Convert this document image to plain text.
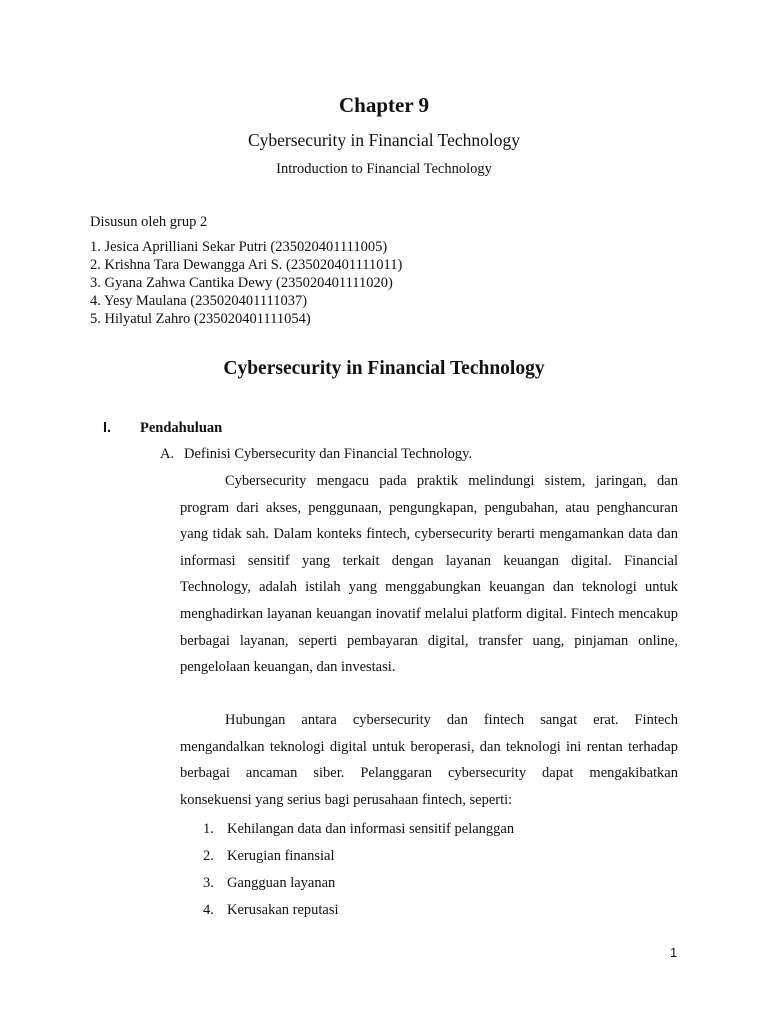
Chapter 9
Cybersecurity in Financial Technology
Introduction to Financial Technology
Disusun oleh grup 2
1. Jesica Aprilliani Sekar Putri (235020401111005)
2. Krishna Tara Dewangga Ari S. (235020401111011)
3. Gyana Zahwa Cantika Dewy (235020401111020)
4. Yesy Maulana (235020401111037)
5. Hilyatul Zahro (235020401111054)
Cybersecurity in Financial Technology
I. Pendahuluan
A. Definisi Cybersecurity dan Financial Technology.

Cybersecurity mengacu pada praktik melindungi sistem, jaringan, dan program dari akses, penggunaan, pengungkapan, pengubahan, atau penghancuran yang tidak sah. Dalam konteks fintech, cybersecurity berarti mengamankan data dan informasi sensitif yang terkait dengan layanan keuangan digital. Financial Technology, adalah istilah yang menggabungkan keuangan dan teknologi untuk menghadirkan layanan keuangan inovatif melalui platform digital. Fintech mencakup berbagai layanan, seperti pembayaran digital, transfer uang, pinjaman online, pengelolaan keuangan, dan investasi.

Hubungan antara cybersecurity dan fintech sangat erat. Fintech mengandalkan teknologi digital untuk beroperasi, dan teknologi ini rentan terhadap berbagai ancaman siber. Pelanggaran cybersecurity dapat mengakibatkan konsekuensi yang serius bagi perusahaan fintech, seperti:

1. Kehilangan data dan informasi sensitif pelanggan
2. Kerugian finansial
3. Gangguan layanan
4. Kerusakan reputasi
1
